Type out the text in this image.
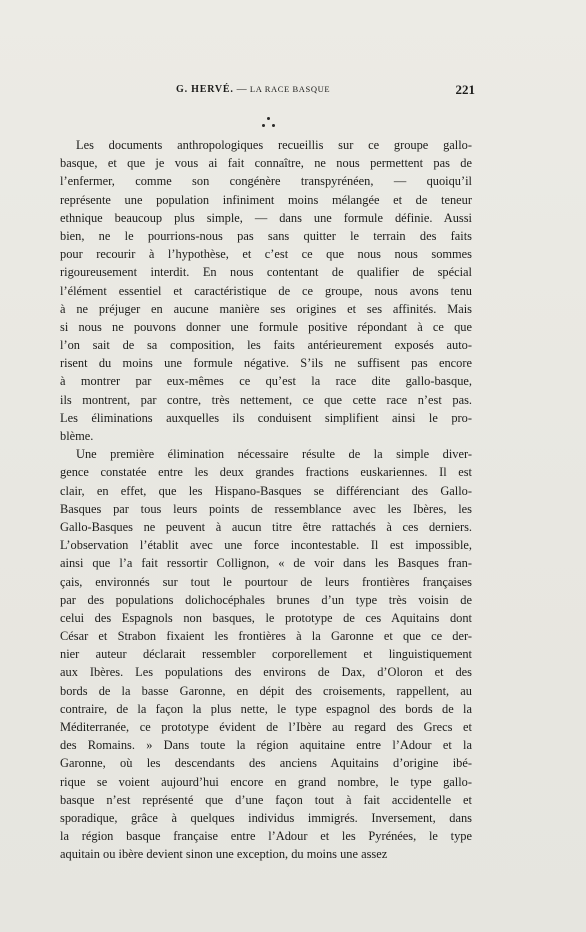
G. HERVÉ. — LA RACE BASQUE	221
Les documents anthropologiques recueillis sur ce groupe gallo-
basque, et que je vous ai fait connaître, ne nous permettent pas de
l’enfermer, comme son congénère transpyrénéen, — quoiqu’il
représente une population infiniment moins mélangée et de teneur
ethnique beaucoup plus simple, — dans une formule définie. Aussi
bien, ne le pourrions-nous pas sans quitter le terrain des faits
pour recourir à l’hypothèse, et c’est ce que nous nous sommes
rigoureusement interdit. En nous contentant de qualifier de spécial
l’élément essentiel et caractéristique de ce groupe, nous avons tenu
à ne préjuger en aucune manière ses origines et ses affinités. Mais
si nous ne pouvons donner une formule positive répondant à ce que
l’on sait de sa composition, les faits antérieurement exposés auto-
risent du moins une formule négative. S’ils ne suffisent pas encore
à montrer par eux-mêmes ce qu’est la race dite gallo-basque,
ils montrent, par contre, très nettement, ce que cette race n’est pas.
Les éliminations auxquelles ils conduisent simplifient ainsi le pro-
blème.
Une première élimination nécessaire résulte de la simple diver-
gence constatée entre les deux grandes fractions euskariennes. Il est
clair, en effet, que les Hispano-Basques se différenciant des Gallo-
Basques par tous leurs points de ressemblance avec les Ibères, les
Gallo-Basques ne peuvent à aucun titre être rattachés à ces derniers.
L’observation l’établit avec une force incontestable. Il est impossible,
ainsi que l’a fait ressortir Collignon, « de voir dans les Basques fran-
çais, environnés sur tout le pourtour de leurs frontières françaises
par des populations dolichocéphales brunes d’un type très voisin de
celui des Espagnols non basques, le prototype de ces Aquitains dont
César et Strabon fixaient les frontières à la Garonne et que ce der-
nier auteur déclarait ressembler corporellement et linguistiquement
aux Ibères. Les populations des environs de Dax, d’Oloron et des
bords de la basse Garonne, en dépit des croisements, rappellent, au
contraire, de la façon la plus nette, le type espagnol des bords de la
Méditerranée, ce prototype évident de l’Ibère au regard des Grecs et
des Romains. » Dans toute la région aquitaine entre l’Adour et la
Garonne, où les descendants des anciens Aquitains d’origine ibé-
rique se voient aujourd’hui encore en grand nombre, le type gallo-
basque n’est représenté que d’une façon tout à fait accidentelle et
sporadique, grâce à quelques individus immigrés. Inversement, dans
la région basque française entre l’Adour et les Pyrénées, le type
aquitain ou ibère devient sinon une exception, du moins une assez
